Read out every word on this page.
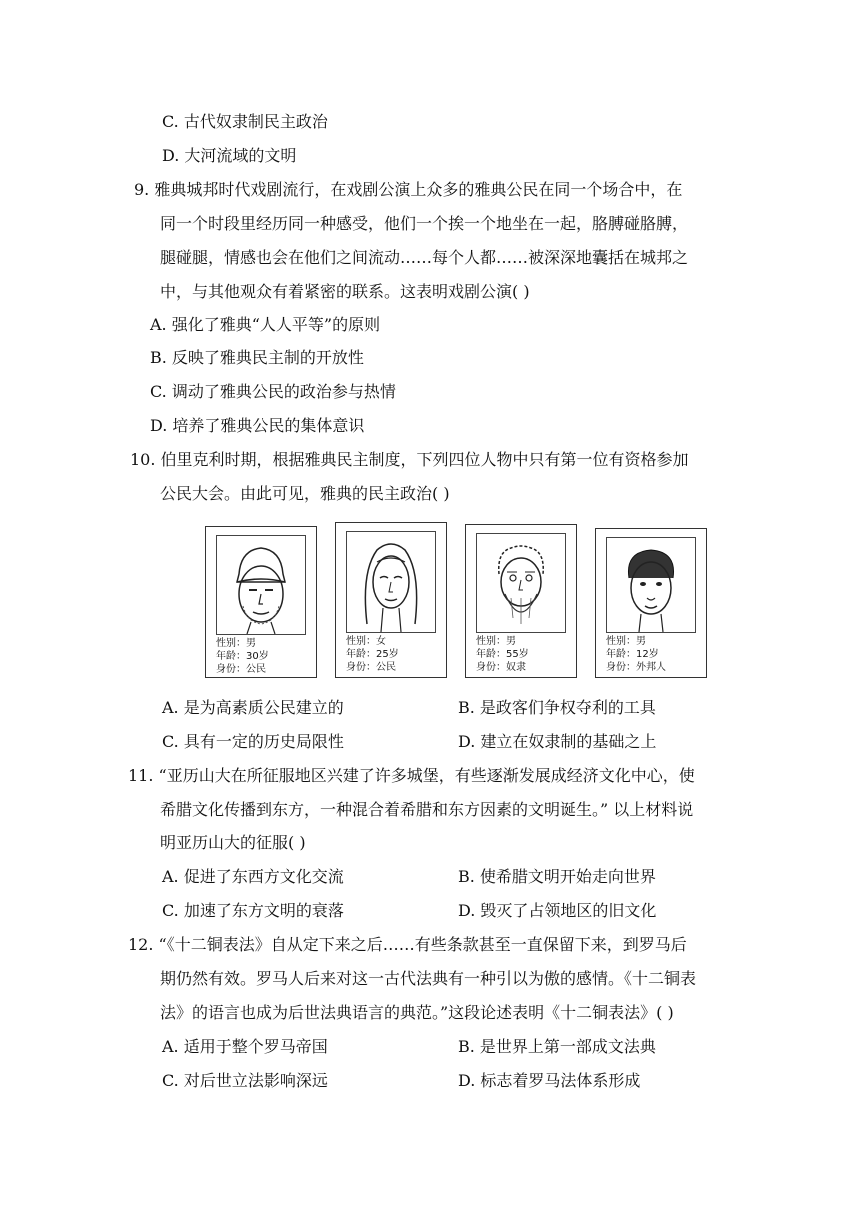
C. 古代奴隶制民主政治
D. 大河流域的文明
9. 雅典城邦时代戏剧流行，在戏剧公演上众多的雅典公民在同一个场合中，在
同一个时段里经历同一种感受，他们一个挨一个地坐在一起，胳膊碰胳膊，
腿碰腿，情感也会在他们之间流动……每个人都……被深深地囊括在城邦之
中，与其他观众有着紧密的联系。这表明戏剧公演( )
A. 强化了雅典“人人平等”的原则
B. 反映了雅典民主制的开放性
C. 调动了雅典公民的政治参与热情
D. 培养了雅典公民的集体意识
10. 伯里克利时期，根据雅典民主制度，下列四位人物中只有第一位有资格参加
公民大会。由此可见，雅典的民主政治( )
性别：男
年龄：30岁
身份：公民
性别：女
年龄：25岁
身份：公民
性别：男
年龄：55岁
身份：奴隶
性别：男
年龄：12岁
身份：外邦人
A. 是为高素质公民建立的	B. 是政客们争权夺利的工具
C. 具有一定的历史局限性	D. 建立在奴隶制的基础之上
11. “亚历山大在所征服地区兴建了许多城堡，有些逐渐发展成经济文化中心，使
希腊文化传播到东方，一种混合着希腊和东方因素的文明诞生。” 以上材料说
明亚历山大的征服( )
A. 促进了东西方文化交流	B. 使希腊文明开始走向世界
C. 加速了东方文明的衰落	D. 毁灭了占领地区的旧文化
12. “《十二铜表法》自从定下来之后……有些条款甚至一直保留下来，到罗马后
期仍然有效。罗马人后来对这一古代法典有一种引以为傲的感情。《十二铜表
法》的语言也成为后世法典语言的典范。”这段论述表明《十二铜表法》( )
A. 适用于整个罗马帝国	B. 是世界上第一部成文法典
C. 对后世立法影响深远	D. 标志着罗马法体系形成
